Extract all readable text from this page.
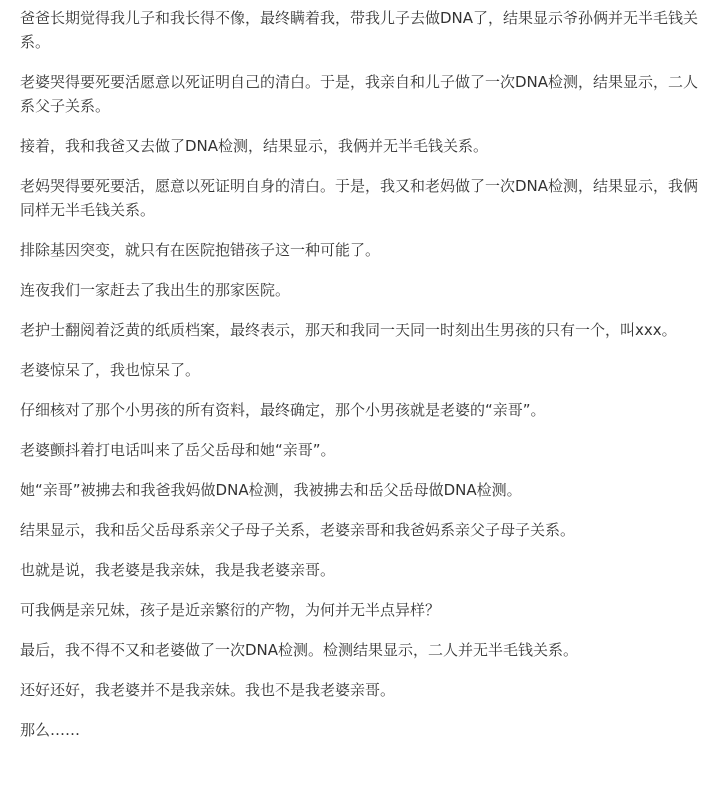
爸爸长期觉得我儿子和我长得不像，最终瞒着我，带我儿子去做DNA了，结果显示爷孙俩并无半毛钱关系。

老婆哭得要死要活愿意以死证明自己的清白。于是，我亲自和儿子做了一次DNA检测，结果显示，二人系父子关系。

接着，我和我爸又去做了DNA检测，结果显示，我俩并无半毛钱关系。

老妈哭得要死要活，愿意以死证明自身的清白。于是，我又和老妈做了一次DNA检测，结果显示，我俩同样无半毛钱关系。

排除基因突变，就只有在医院抱错孩子这一种可能了。

连夜我们一家赶去了我出生的那家医院。

老护士翻阅着泛黄的纸质档案，最终表示，那天和我同一天同一时刻出生男孩的只有一个，叫xxx。

老婆惊呆了，我也惊呆了。

仔细核对了那个小男孩的所有资料，最终确定，那个小男孩就是老婆的“亲哥”。

老婆颤抖着打电话叫来了岳父岳母和她“亲哥”。

她“亲哥”被拂去和我爸我妈做DNA检测，我被拂去和岳父岳母做DNA检测。

结果显示，我和岳父岳母系亲父子母子关系，老婆亲哥和我爸妈系亲父子母子关系。

也就是说，我老婆是我亲妹，我是我老婆亲哥。

可我俩是亲兄妹，孩子是近亲繁衍的产物，为何并无半点异样？

最后，我不得不又和老婆做了一次DNA检测。检测结果显示，二人并无半毛钱关系。

还好还好，我老婆并不是我亲妹。我也不是我老婆亲哥。

那么……
